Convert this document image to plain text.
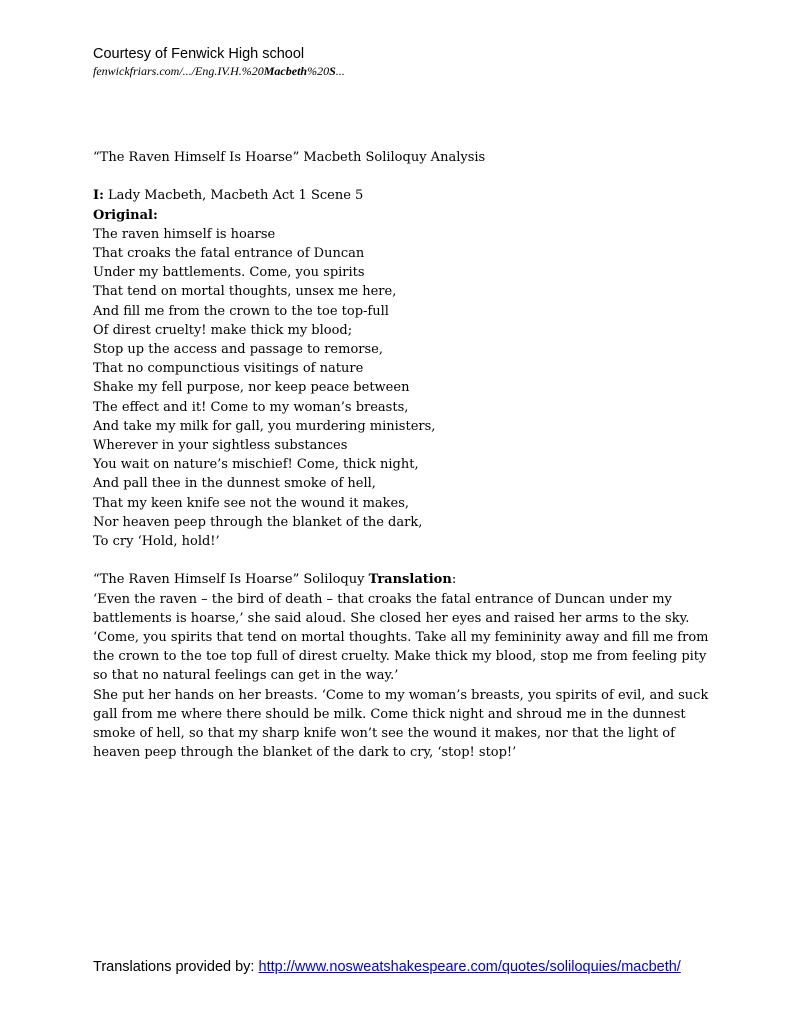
Courtesy of Fenwick High school

fenwickfriars.com/.../Eng.IV.H.%20Macbeth%20S...

“The Raven Himself Is Hoarse” Macbeth Soliloquy Analysis

I: Lady Macbeth, Macbeth Act 1 Scene 5

Original:

The raven himself is hoarse
That croaks the fatal entrance of Duncan
Under my battlements. Come, you spirits
That tend on mortal thoughts, unsex me here,
And fill me from the crown to the toe top-full
Of direst cruelty! make thick my blood;
Stop up the access and passage to remorse,
That no compunctious visitings of nature
Shake my fell purpose, nor keep peace between
The effect and it! Come to my woman’s breasts,
And take my milk for gall, you murdering ministers,
Wherever in your sightless substances
You wait on nature’s mischief! Come, thick night,
And pall thee in the dunnest smoke of hell,
That my keen knife see not the wound it makes,
Nor heaven peep through the blanket of the dark,
To cry ‘Hold, hold!’

“The Raven Himself Is Hoarse” Soliloquy Translation:

‘Even the raven – the bird of death – that croaks the fatal entrance of Duncan under my battlements is hoarse,’ she said aloud. She closed her eyes and raised her arms to the sky. ‘Come, you spirits that tend on mortal thoughts. Take all my femininity away and fill me from the crown to the toe top full of direst cruelty. Make thick my blood, stop me from feeling pity so that no natural feelings can get in the way.’
She put her hands on her breasts. ‘Come to my woman’s breasts, you spirits of evil, and suck gall from me where there should be milk. Come thick night and shroud me in the dunnest smoke of hell, so that my sharp knife won’t see the wound it makes, nor that the light of heaven peep through the blanket of the dark to cry, ‘stop! stop!’
Translations provided by: http://www.nosweatshakespeare.com/quotes/soliloquies/macbeth/
